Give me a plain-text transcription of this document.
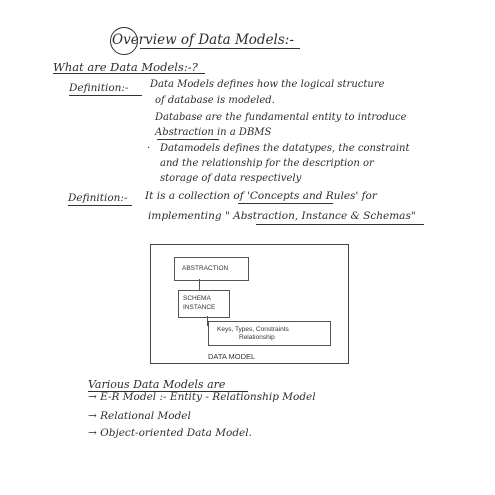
Overview of Data Models:-
What are Data Models:-?
Definition:- Data Models defines how the logical structure
of database is modeled.
Database are the fundamental entity to introduce
Abstraction in a DBMS
· Datamodels defines the datatypes, the constraint
and the relationship for the description or
storage of data respectively
Definition:- It is a collection of 'Concepts and Rules' for
implementing " Abstraction, Instance & Schemas"
ABSTRACTION
SCHEMA
INSTANCE
Keys, Types, Constraints
Relationship
DATA MODEL
Various Data Models are
→ E-R Model :- Entity - Relationship Model
→ Relational Model
→ Object-oriented Data Model.
